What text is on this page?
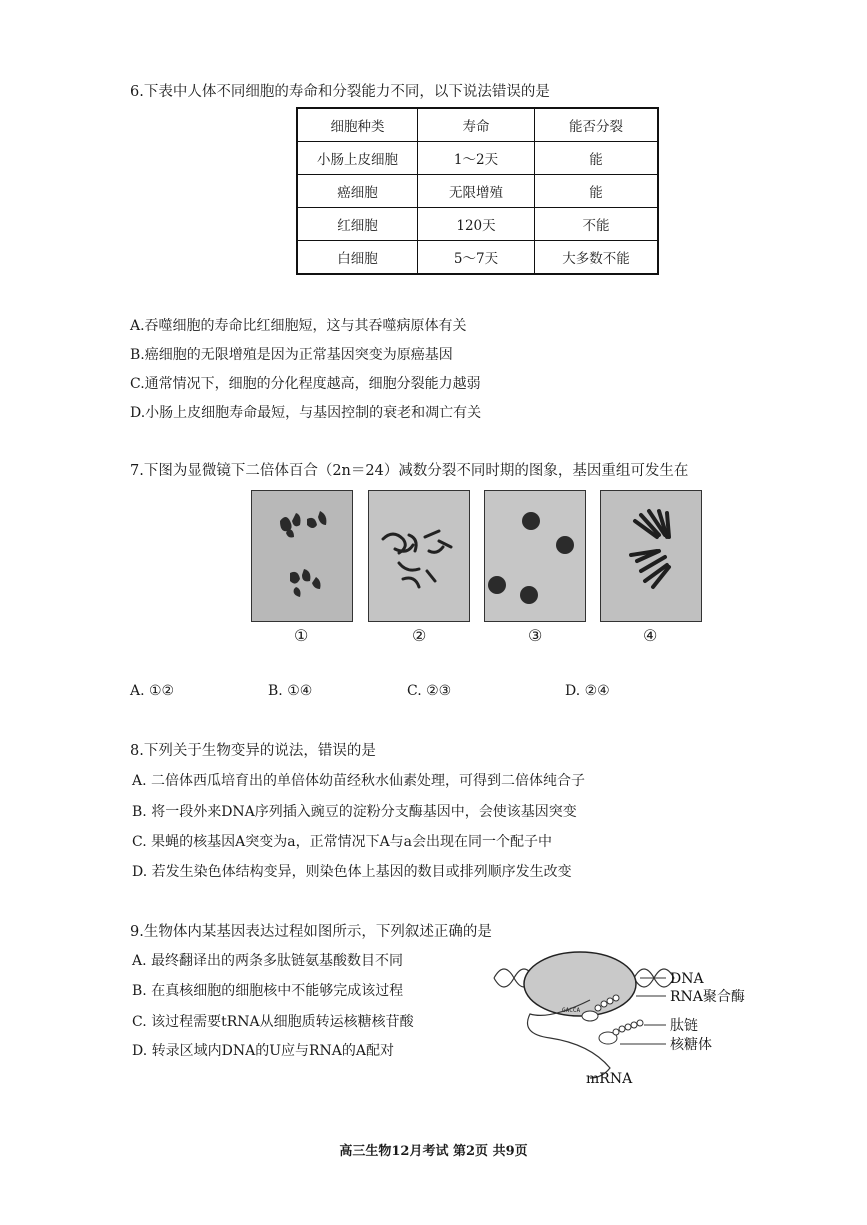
6.下表中人体不同细胞的寿命和分裂能力不同，以下说法错误的是
细胞种类	寿命	能否分裂
小肠上皮细胞	1～2天	能
癌细胞	无限增殖	能
红细胞	120天	不能
白细胞	5～7天	大多数不能
A.吞噬细胞的寿命比红细胞短，这与其吞噬病原体有关
B.癌细胞的无限增殖是因为正常基因突变为原癌基因
C.通常情况下，细胞的分化程度越高，细胞分裂能力越弱
D.小肠上皮细胞寿命最短，与基因控制的衰老和凋亡有关
7.下图为显微镜下二倍体百合（2n＝24）减数分裂不同时期的图象，基因重组可发生在
①	②	③	④
A. ①②	B. ①④	C. ②③	D. ②④
8.下列关于生物变异的说法，错误的是
A. 二倍体西瓜培育出的单倍体幼苗经秋水仙素处理，可得到二倍体纯合子
B. 将一段外来DNA序列插入豌豆的淀粉分支酶基因中，会使该基因突变
C. 果蝇的核基因A突变为a，正常情况下A与a会出现在同一个配子中
D. 若发生染色体结构变异，则染色体上基因的数目或排列顺序发生改变
9.生物体内某基因表达过程如图所示，下列叙述正确的是
A. 最终翻译出的两条多肽链氨基酸数目不同
B. 在真核细胞的细胞核中不能够完成该过程
C. 该过程需要tRNA从细胞质转运核糖核苷酸
D. 转录区域内DNA的U应与RNA的A配对
GACCA
DNA
RNA聚合酶
肽链
核糖体
mRNA
高三生物12月考试 第2页 共9页
